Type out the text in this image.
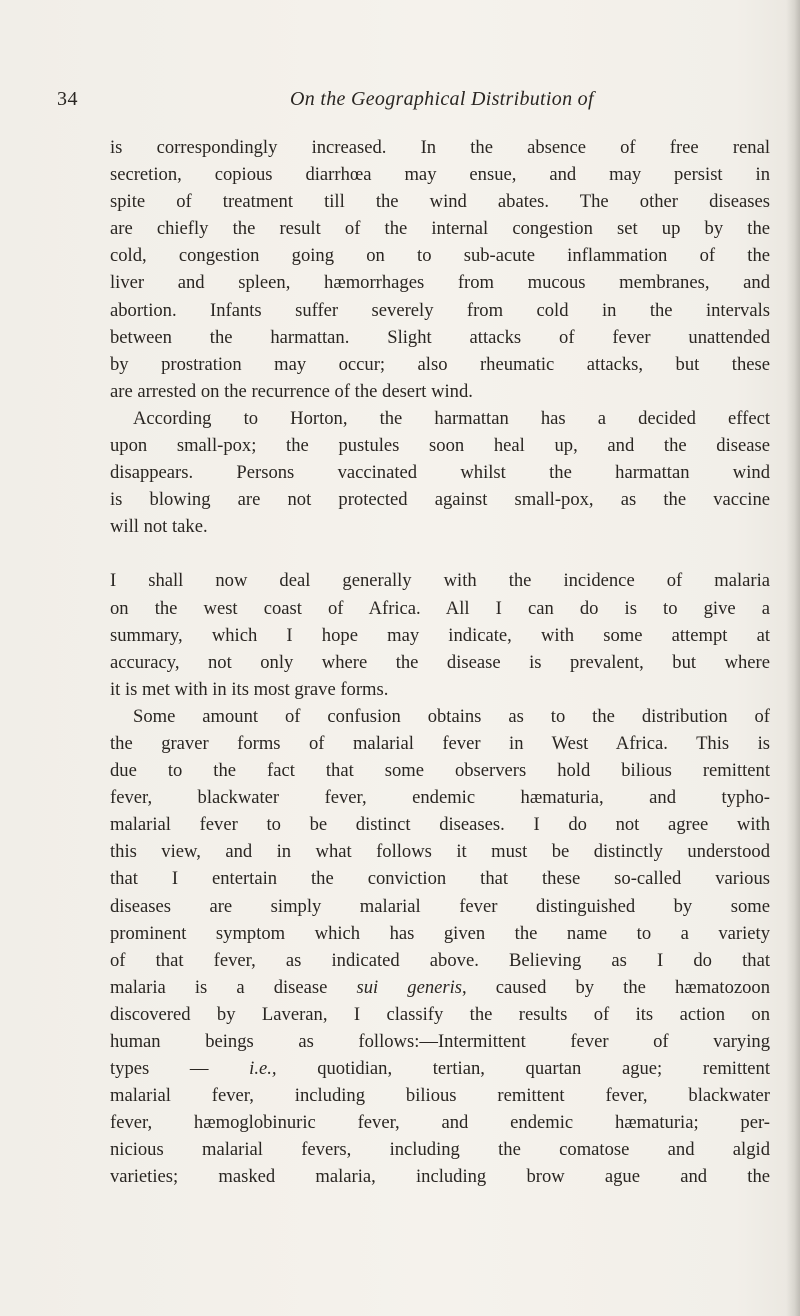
34	On the Geographical Distribution of

is correspondingly increased. In the absence of free renal
secretion, copious diarrhœa may ensue, and may persist in
spite of treatment till the wind abates. The other diseases
are chiefly the result of the internal congestion set up by the
cold, congestion going on to sub-acute inflammation of the
liver and spleen, hæmorrhages from mucous membranes, and
abortion. Infants suffer severely from cold in the intervals
between the harmattan. Slight attacks of fever unattended
by prostration may occur; also rheumatic attacks, but these
are arrested on the recurrence of the desert wind.

According to Horton, the harmattan has a decided effect
upon small-pox; the pustules soon heal up, and the disease
disappears. Persons vaccinated whilst the harmattan wind
is blowing are not protected against small-pox, as the vaccine
will not take.

I shall now deal generally with the incidence of malaria
on the west coast of Africa. All I can do is to give a
summary, which I hope may indicate, with some attempt at
accuracy, not only where the disease is prevalent, but where
it is met with in its most grave forms.

Some amount of confusion obtains as to the distribution of
the graver forms of malarial fever in West Africa. This is
due to the fact that some observers hold bilious remittent
fever, blackwater fever, endemic hæmaturia, and typho-
malarial fever to be distinct diseases. I do not agree with
this view, and in what follows it must be distinctly understood
that I entertain the conviction that these so-called various
diseases are simply malarial fever distinguished by some
prominent symptom which has given the name to a variety
of that fever, as indicated above. Believing as I do that
malaria is a disease sui generis, caused by the hæmatozoon
discovered by Laveran, I classify the results of its action on
human beings as follows:—Intermittent fever of varying
types — i.e., quotidian, tertian, quartan ague; remittent
malarial fever, including bilious remittent fever, blackwater
fever, hæmoglobinuric fever, and endemic hæmaturia; per-
nicious malarial fevers, including the comatose and algid
varieties; masked malaria, including brow ague and the
